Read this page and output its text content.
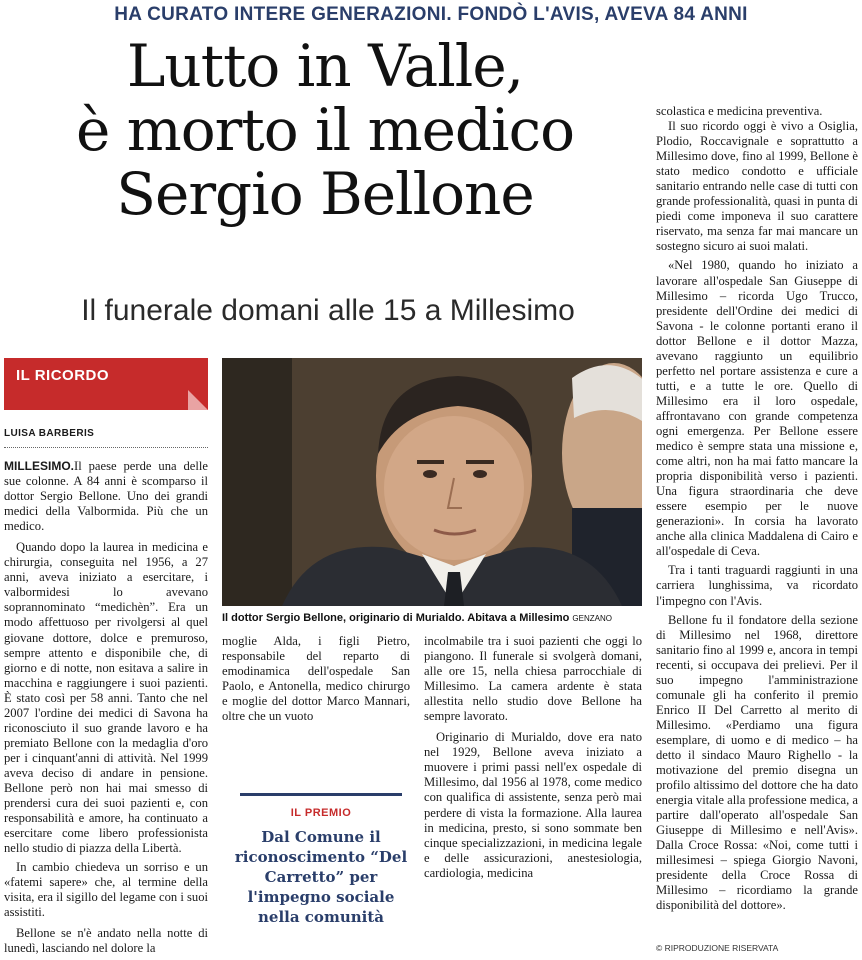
HA CURATO INTERE GENERAZIONI. FONDÒ L'AVIS, AVEVA 84 ANNI
Lutto in Valle,
è morto il medico
Sergio Bellone
Il funerale domani alle 15 a Millesimo
IL RICORDO
LUISA BARBERIS

MILLESIMO.Il paese perde una delle sue colonne. A 84 anni è scomparso il dottor Sergio Bellone. Uno dei grandi medici della Valbormida. Più che un medico.

Quando dopo la laurea in medicina e chirurgia, conseguita nel 1956, a 27 anni, aveva iniziato a esercitare, i valbormidesi lo avevano soprannominato “medichèn”. Era un modo affettuoso per rivolgersi al quel giovane dottore, dolce e premuroso, sempre attento e disponibile che, di giorno e di notte, non esitava a salire in macchina e raggiungere i suoi pazienti. È stato così per 58 anni. Tanto che nel 2007 l'ordine dei medici di Savona ha riconosciuto il suo grande lavoro e ha premiato Bellone con la medaglia d'oro per i cinquant'anni di attività. Nel 1999 aveva deciso di andare in pensione. Bellone però non hai mai smesso di prendersi cura dei suoi pazienti e, con responsabilità e amore, ha continuato a esercitare come libero professionista nello studio di piazza della Libertà.

In cambio chiedeva un sorriso e un «fatemi sapere» che, al termine della visita, era il sigillo del legame con i suoi assistiti.

Bellone se n'è andato nella notte di lunedì, lasciando nel dolore la

Il dottor Sergio Bellone, originario di Murialdo. Abitava a Millesimo GENZANO

moglie Alda, i figli Pietro, responsabile del reparto di emodinamica dell'ospedale San Paolo, e Antonella, medico chirurgo e moglie del dottor Marco Mannari, oltre che un vuoto

IL PREMIO
Dal Comune il riconoscimento “Del Carretto” per l'impegno sociale nella comunità

incolmabile tra i suoi pazienti che oggi lo piangono. Il funerale si svolgerà domani, alle ore 15, nella chiesa parrocchiale di Millesimo. La camera ardente è stata allestita nello studio dove Bellone ha sempre lavorato.

Originario di Murialdo, dove era nato nel 1929, Bellone aveva iniziato a muovere i primi passi nell'ex ospedale di Millesimo, dal 1956 al 1978, come medico con qualifica di assistente, senza però mai perdere di vista la formazione. Alla laurea in medicina, presto, si sono sommate ben cinque specializzazioni, in medicina legale e delle assicurazioni, anestesiologia, cardiologia, medicina

scolastica e medicina preventiva.

Il suo ricordo oggi è vivo a Osiglia, Plodio, Roccavignale e soprattutto a Millesimo dove, fino al 1999, Bellone è stato medico condotto e ufficiale sanitario entrando nelle case di tutti con grande professionalità, quasi in punta di piedi come imponeva il suo carattere riservato, ma senza far mai mancare un sostegno sicuro ai suoi malati.

«Nel 1980, quando ho iniziato a lavorare all'ospedale San Giuseppe di Millesimo – ricorda Ugo Trucco, presidente dell'Ordine dei medici di Savona - le colonne portanti erano il dottor Bellone e il dottor Mazza, avevano raggiunto un equilibrio perfetto nel portare assistenza e cure a tutti, e a tutte le ore. Quello di Millesimo era il loro ospedale, affrontavano con grande competenza ogni emergenza. Per Bellone essere medico è sempre stata una missione e, come altri, non ha mai fatto mancare la propria disponibilità verso i pazienti. Una figura straordinaria che deve essere esempio per le nuove generazioni». In corsia ha lavorato anche alla clinica Maddalena di Cairo e all'ospedale di Ceva.

Tra i tanti traguardi raggiunti in una carriera lunghissima, va ricordato l'impegno con l'Avis.

Bellone fu il fondatore della sezione di Millesimo nel 1968, direttore sanitario fino al 1999 e, ancora in tempi recenti, si occupava dei prelievi. Per il suo impegno l'amministrazione comunale gli ha conferito il premio Enrico II Del Carretto al merito di Millesimo. «Perdiamo una figura esemplare, di uomo e di medico – ha detto il sindaco Mauro Righello - la motivazione del premio disegna un profilo altissimo del dottore che ha dato energia vitale alla professione medica, a partire dall'operato all'ospedale San Giuseppe di Millesimo e nell'Avis». Dalla Croce Rossa: «Noi, come tutti i millesimesi – spiega Giorgio Navoni, presidente della Croce Rossa di Millesimo – ricordiamo la grande disponibilità del dottore».

© RIPRODUZIONE RISERVATA
